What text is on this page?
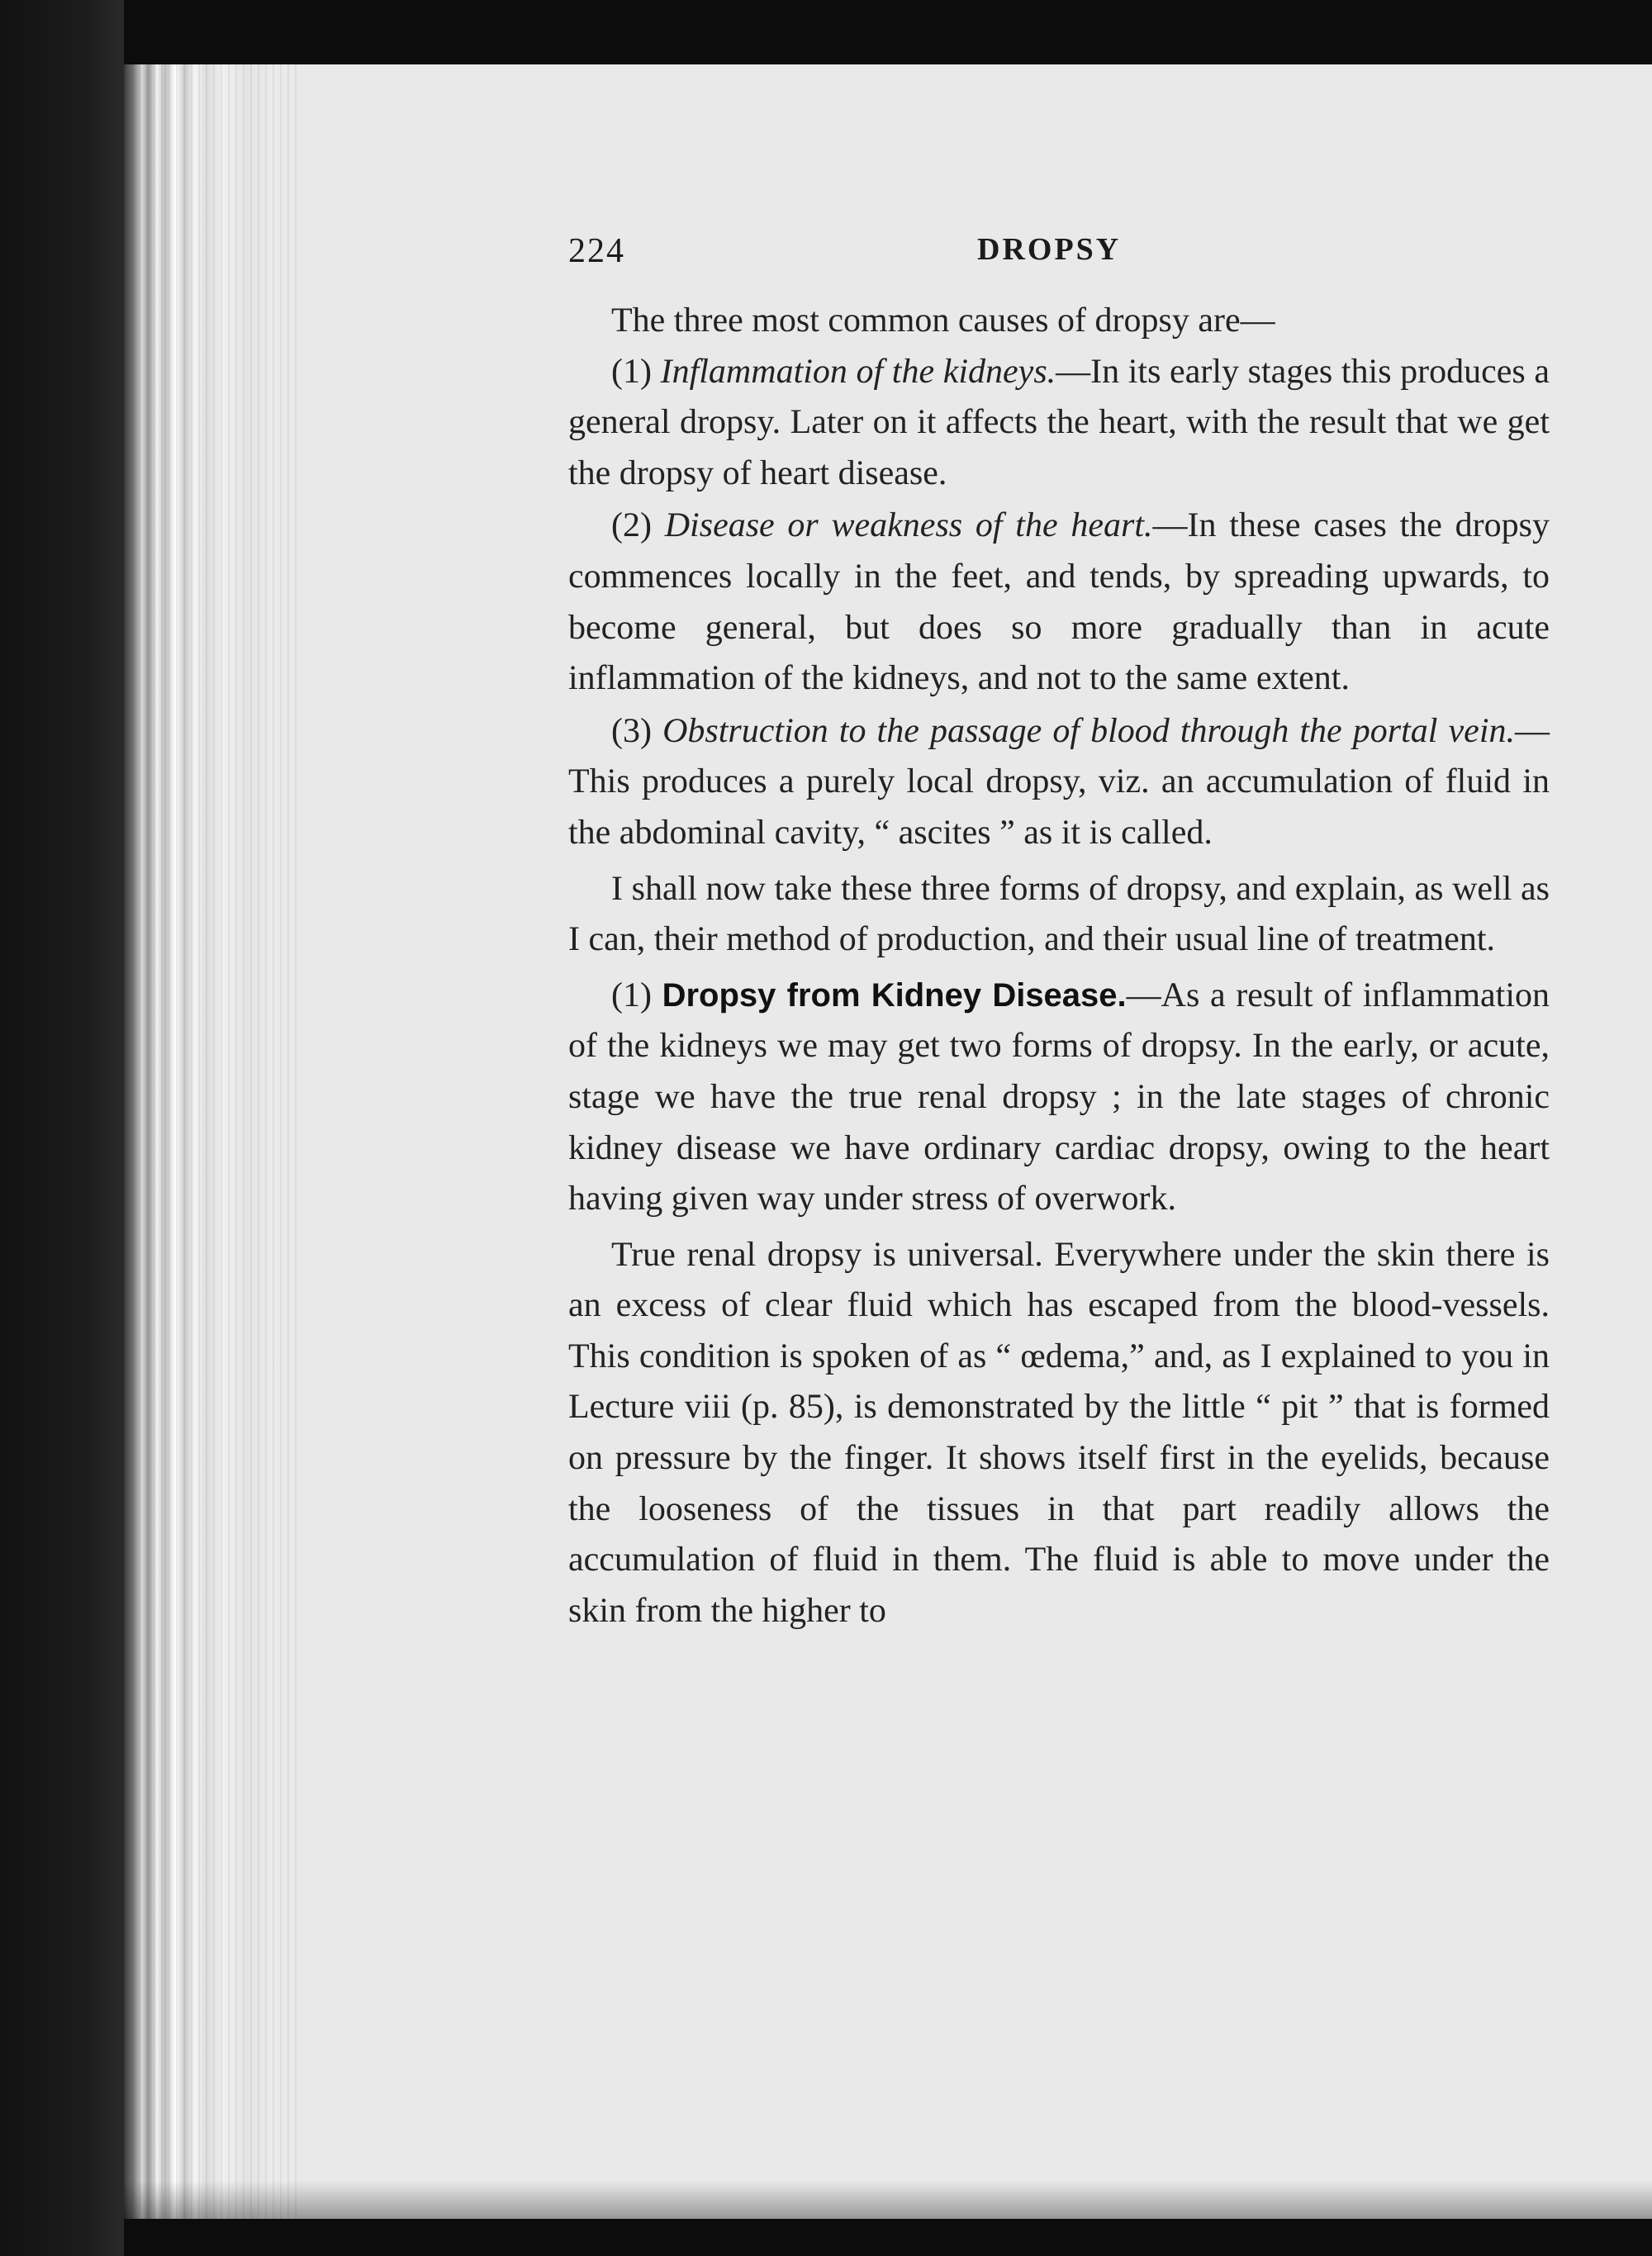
224	DROPSY

The three most common causes of dropsy are—

(1) Inflammation of the kidneys.—In its early stages this produces a general dropsy. Later on it affects the heart, with the result that we get the dropsy of heart disease.

(2) Disease or weakness of the heart.—In these cases the dropsy commences locally in the feet, and tends, by spreading upwards, to become general, but does so more gradually than in acute inflammation of the kidneys, and not to the same extent.

(3) Obstruction to the passage of blood through the portal vein.—This produces a purely local dropsy, viz. an accumulation of fluid in the abdominal cavity, “ ascites ” as it is called.

I shall now take these three forms of dropsy, and explain, as well as I can, their method of production, and their usual line of treatment.

(1) Dropsy from Kidney Disease.—As a result of inflammation of the kidneys we may get two forms of dropsy. In the early, or acute, stage we have the true renal dropsy ; in the late stages of chronic kidney disease we have ordinary cardiac dropsy, owing to the heart having given way under stress of overwork.

True renal dropsy is universal. Everywhere under the skin there is an excess of clear fluid which has escaped from the blood-vessels. This condition is spoken of as “ œdema,” and, as I explained to you in Lecture viii (p. 85), is demonstrated by the little “ pit ” that is formed on pressure by the finger. It shows itself first in the eyelids, because the looseness of the tissues in that part readily allows the accumulation of fluid in them. The fluid is able to move under the skin from the higher to
